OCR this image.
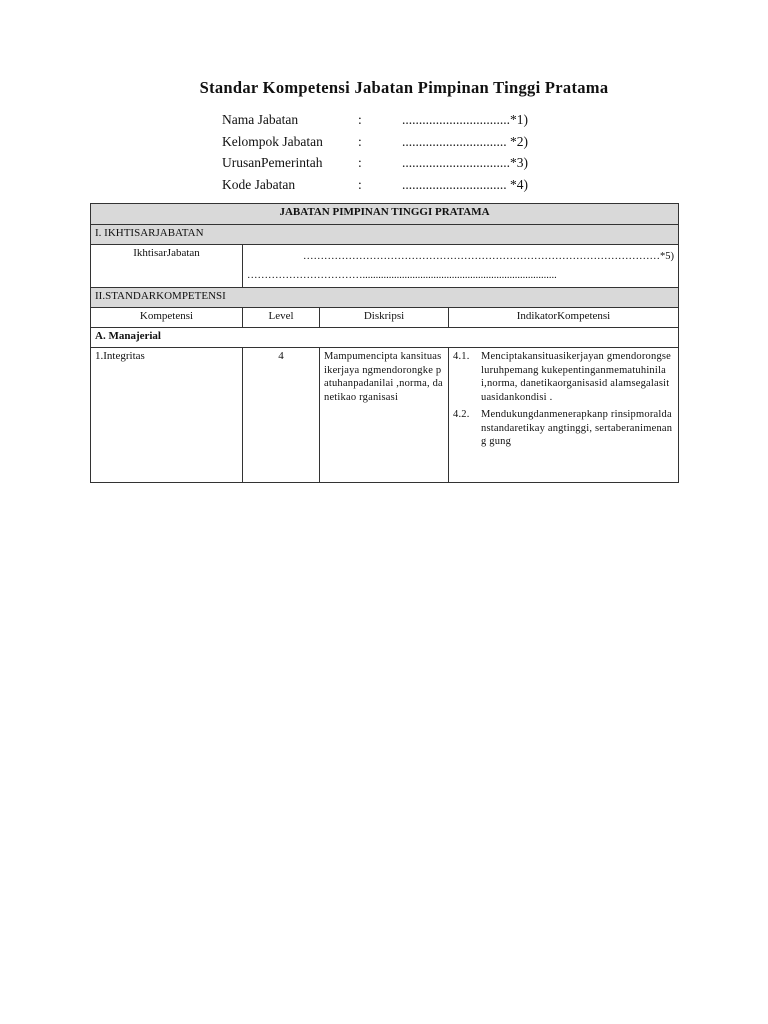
Standar Kompetensi Jabatan Pimpinan Tinggi Pratama
Nama Jabatan	:	................................*1)
Kelompok Jabatan	:	............................... *2)
UrusanPemerintah	:	................................*3)
Kode Jabatan	:	............................... *4)
JABATAN PIMPINAN TINGGI PRATAMA			
I. IKHTISARJABATAN			
IkhtisarJabatan	…………………………………………………………………………………………*5)
……………………………..........................................................................		

II.STANDARKOMPETENSI			
Kompetensi	Level	Diskripsi	IndikatorKompetensi
A. Manajerial			
1.Integritas	4	Mampumencipta kansituasikerjaya ngmendorongke patuhanpadanilai ,norma, danetikao rganisasi	4.1. Menciptakansituasikerjayan gmendorongseluruhpemang kukepentinganmematuhinila i,norma, danetikaorganisasid alamsegalasituasidankondisi .
4.2. Mendukungdanmenerapkanp rinsipmoraldanstandaretikay angtinggi, sertaberanimenang gung
